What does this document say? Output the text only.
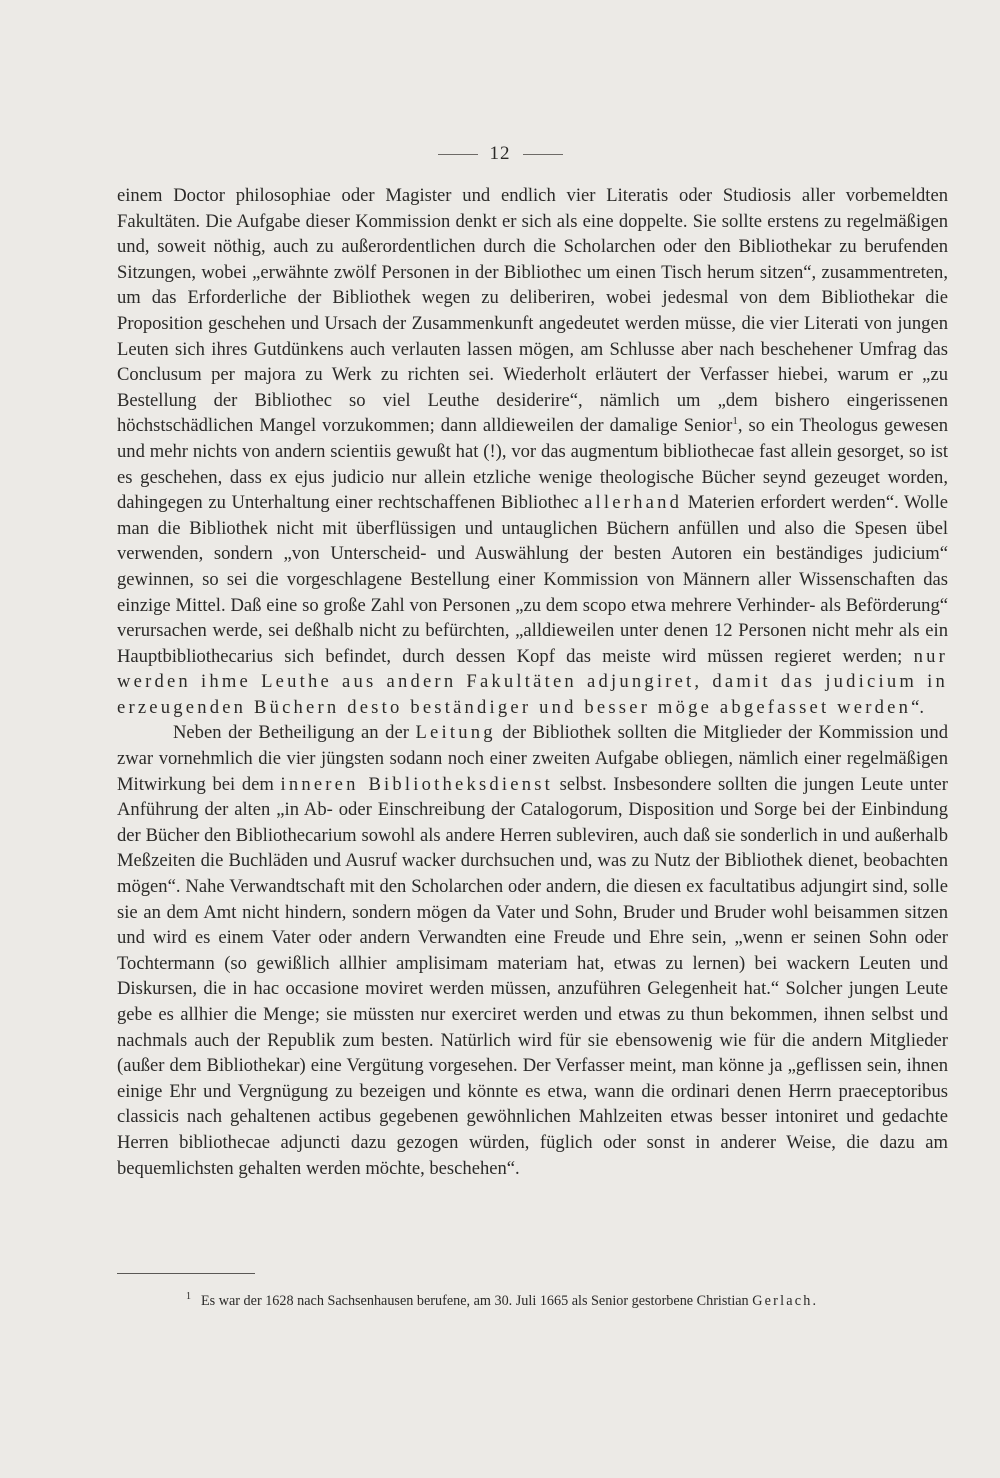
12

einem Doctor philosophiae oder Magister und endlich vier Literatis oder Studiosis aller vorbemeldten Fakultäten. Die Aufgabe dieser Kommission denkt er sich als eine doppelte. Sie sollte erstens zu regelmäßigen und, soweit nöthig, auch zu außerordentlichen durch die Scholarchen oder den Bibliothekar zu berufenden Sitzungen, wobei „erwähnte zwölf Personen in der Bibliothec um einen Tisch herum sitzen“, zusammentreten, um das Erforderliche der Bibliothek wegen zu deliberiren, wobei jedesmal von dem Bibliothekar die Proposition geschehen und Ursach der Zusammenkunft angedeutet werden müsse, die vier Literati von jungen Leuten sich ihres Gutdünkens auch verlauten lassen mögen, am Schlusse aber nach beschehener Umfrag das Conclusum per majora zu Werk zu richten sei. Wiederholt erläutert der Verfasser hiebei, warum er „zu Bestellung der Bibliothec so viel Leuthe desiderire“, nämlich um „dem bishero eingerissenen höchstschädlichen Mangel vorzukommen; dann alldieweilen der damalige Senior$^1$, so ein Theologus gewesen und mehr nichts von andern scientiis gewußt hat (!), vor das augmentum bibliothecae fast allein gesorget, so ist es geschehen, dass ex ejus judicio nur allein etzliche wenige theologische Bücher seynd gezeuget worden, dahingegen zu Unterhaltung einer rechtschaffenen Bibliothec allerhand Materien erfordert werden“. Wolle man die Bibliothek nicht mit überflüssigen und untauglichen Büchern anfüllen und also die Spesen übel verwenden, sondern „von Unterscheid- und Auswählung der besten Autoren ein beständiges judicium“ gewinnen, so sei die vorgeschlagene Bestellung einer Kommission von Männern aller Wissenschaften das einzige Mittel. Daß eine so große Zahl von Personen „zu dem scopo etwa mehrere Verhinder- als Beförderung“ verursachen werde, sei deßhalb nicht zu befürchten, „alldieweilen unter denen 12 Personen nicht mehr als ein Hauptbibliothecarius sich befindet, durch dessen Kopf das meiste wird müssen regieret werden; nur werden ihme Leuthe aus andern Fakultäten adjungiret, damit das judicium in erzeugenden Büchern desto beständiger und besser möge abgefasset werden“.

Neben der Betheiligung an der Leitung der Bibliothek sollten die Mitglieder der Kommission und zwar vornehmlich die vier jüngsten sodann noch einer zweiten Aufgabe obliegen, nämlich einer regelmäßigen Mitwirkung bei dem inneren Bibliotheksdienst selbst. Insbesondere sollten die jungen Leute unter Anführung der alten „in Ab- oder Einschreibung der Catalogorum, Disposition und Sorge bei der Einbindung der Bücher den Bibliothecarium sowohl als andere Herren subleviren, auch daß sie sonderlich in und außerhalb Meßzeiten die Buchläden und Ausruf wacker durchsuchen und, was zu Nutz der Bibliothek dienet, beobachten mögen“. Nahe Verwandtschaft mit den Scholarchen oder andern, die diesen ex facultatibus adjungirt sind, solle sie an dem Amt nicht hindern, sondern mögen da Vater und Sohn, Bruder und Bruder wohl beisammen sitzen und wird es einem Vater oder andern Verwandten eine Freude und Ehre sein, „wenn er seinen Sohn oder Tochtermann (so gewißlich allhier amplisimam materiam hat, etwas zu lernen) bei wackern Leuten und Diskursen, die in hac occasione moviret werden müssen, anzuführen Gelegenheit hat.“ Solcher jungen Leute gebe es allhier die Menge; sie müssten nur exerciret werden und etwas zu thun bekommen, ihnen selbst und nachmals auch der Republik zum besten. Natürlich wird für sie ebensowenig wie für die andern Mitglieder (außer dem Bibliothekar) eine Vergütung vorgesehen. Der Verfasser meint, man könne ja „geflissen sein, ihnen einige Ehr und Vergnügung zu bezeigen und könnte es etwa, wann die ordinari denen Herrn praeceptoribus classicis nach gehaltenen actibus gegebenen gewöhnlichen Mahlzeiten etwas besser intoniret und gedachte Herren bibliothecae adjuncti dazu gezogen würden, füglich oder sonst in anderer Weise, die dazu am bequemlichsten gehalten werden möchte, beschehen“.

$^1$ Es war der 1628 nach Sachsenhausen berufene, am 30. Juli 1665 als Senior gestorbene Christian Gerlach.
